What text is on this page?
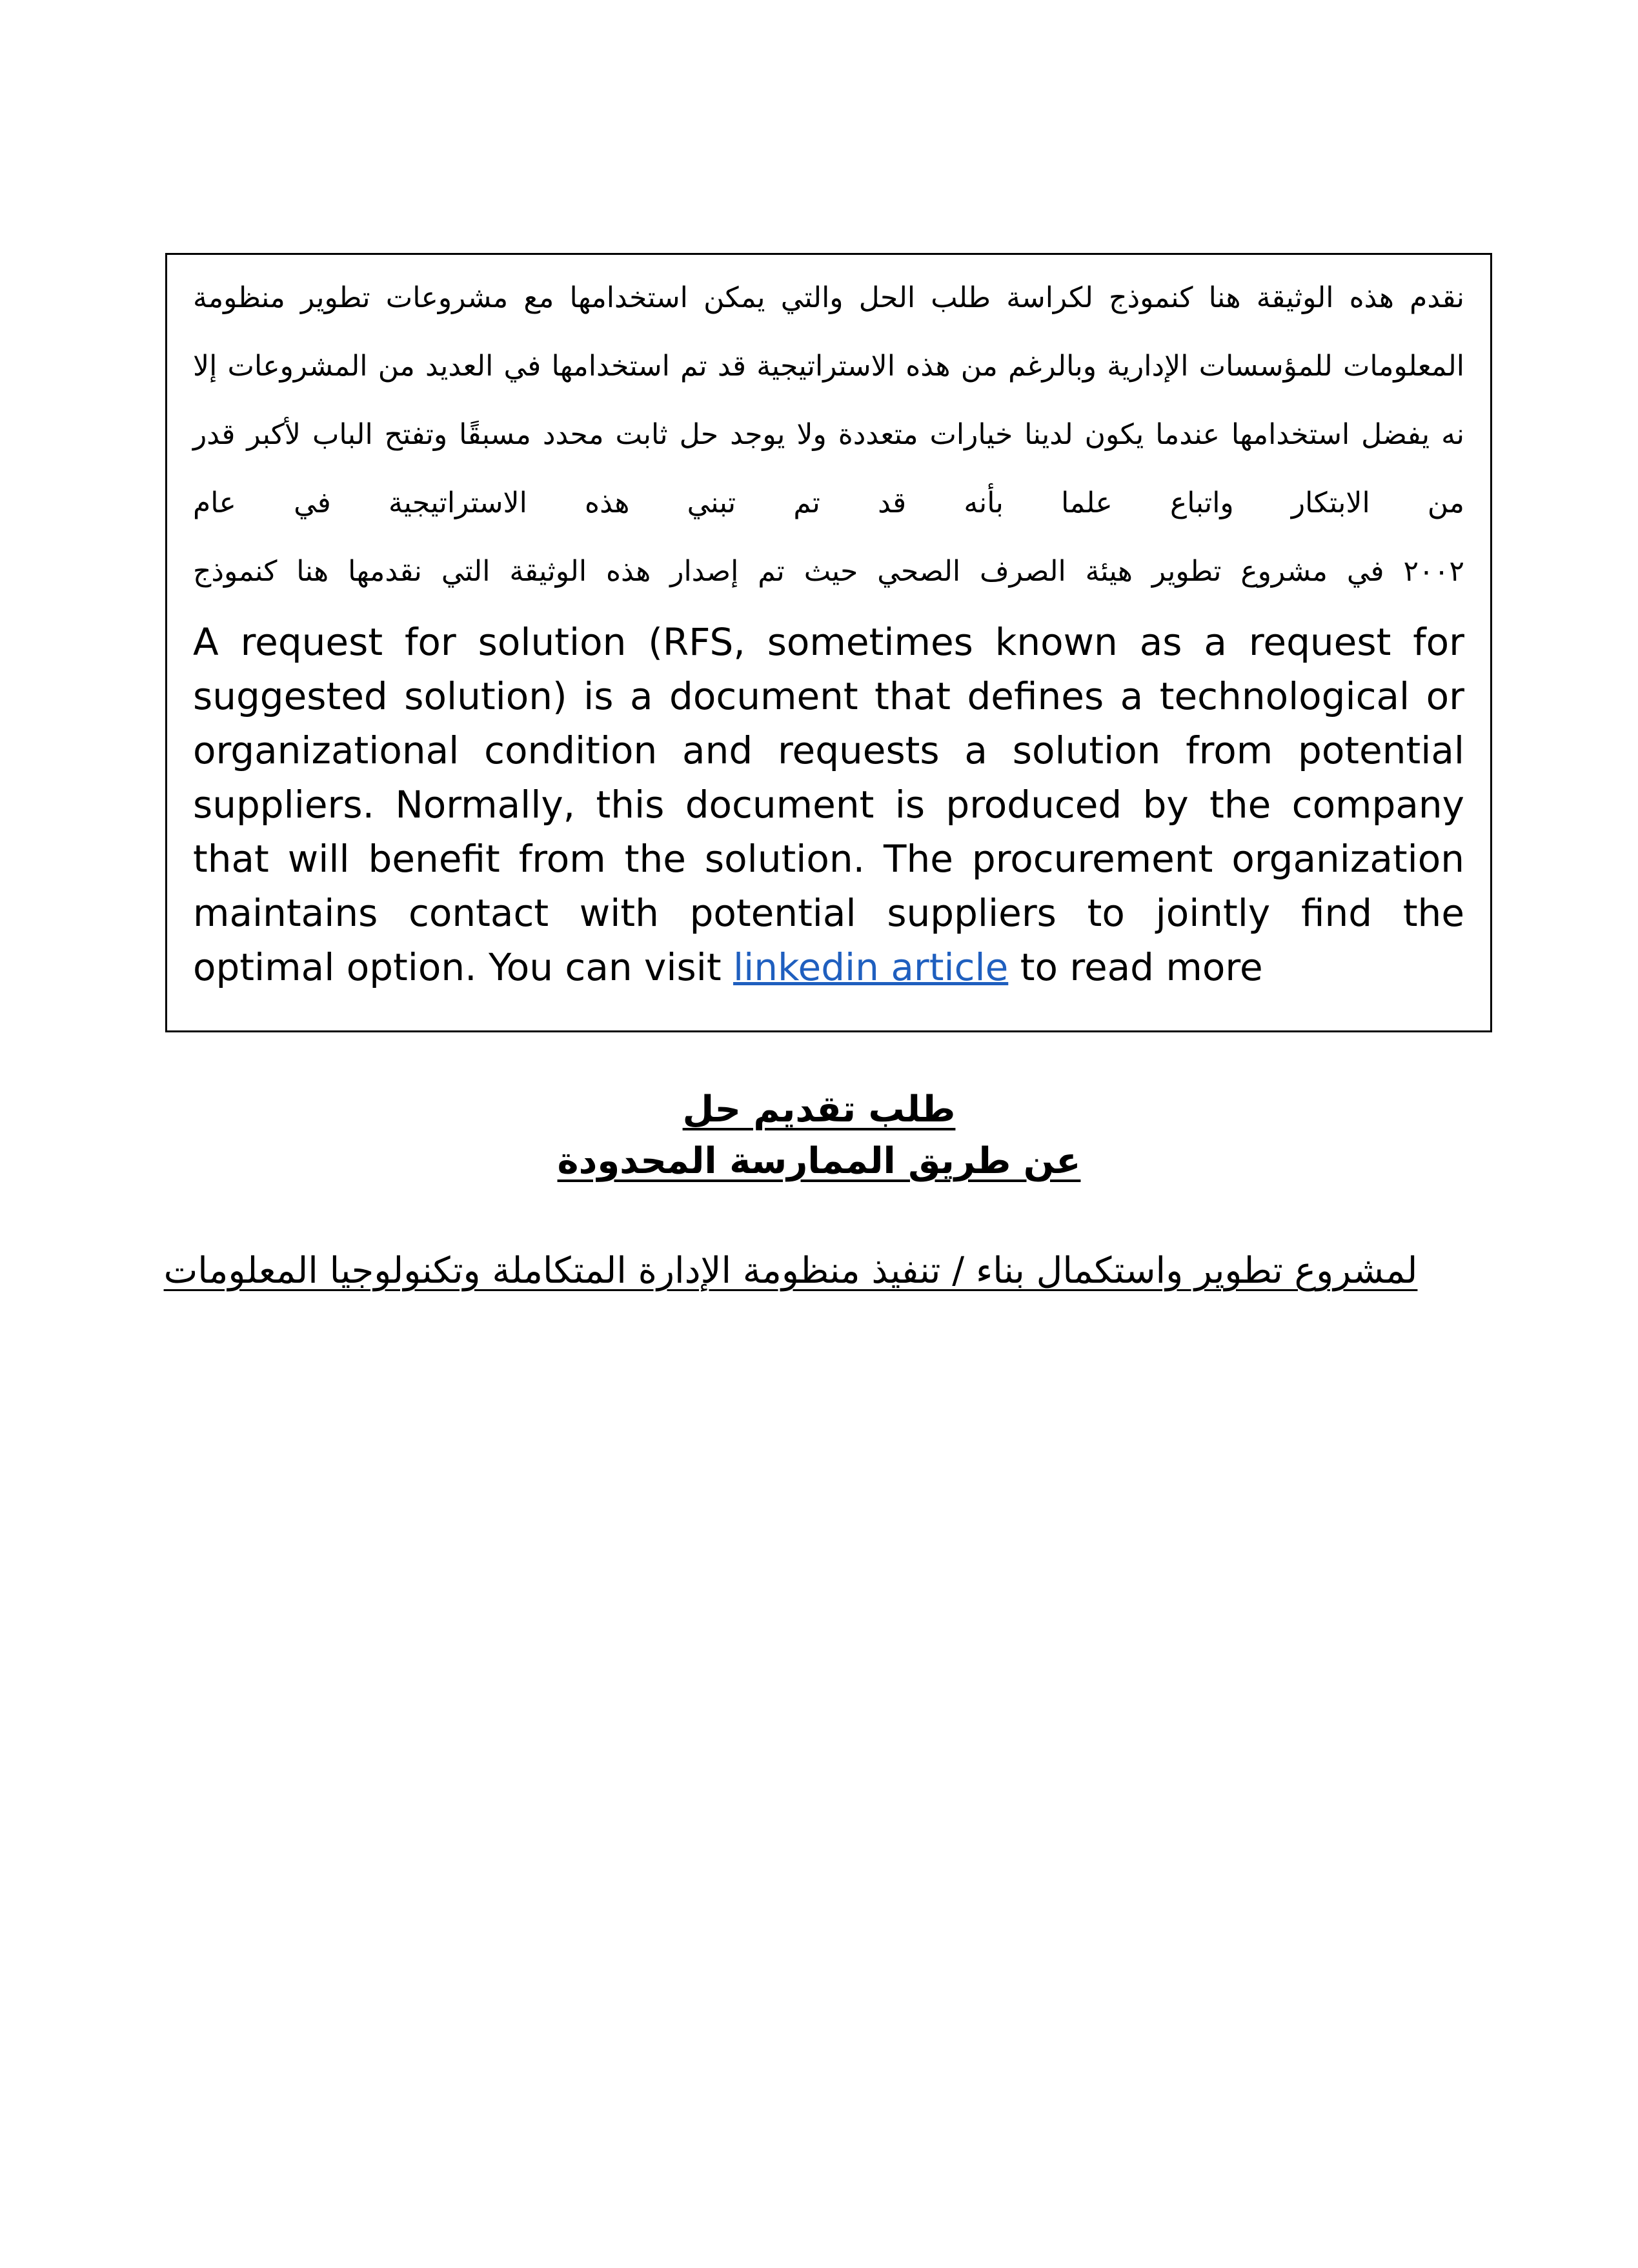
نقدم هذه الوثيقة هنا كنموذج لكراسة طلب الحل والتي يمكن استخدامها مع مشروعات تطوير منظومة المعلومات للمؤسسات الإدارية وبالرغم من هذه الاستراتيجية قد تم استخدامها في العديد من المشروعات إلا نه يفضل استخدامها عندما يكون لدينا خيارات متعددة ولا يوجد حل ثابت محدد مسبقًا وتفتح الباب لأكبر قدر من الابتكار واتباع علما بأنه قد تم تبني هذه الاستراتيجية في عام
٢٠٠٢ في مشروع تطوير هيئة الصرف الصحي حيث تم إصدار هذه الوثيقة التي نقدمها هنا كنموذج

A request for solution (RFS, sometimes known as a request for suggested solution) is a document that defines a technological or organizational condition and requests a solution from potential suppliers. Normally, this document is produced by the company that will benefit from the solution. The procurement organization maintains contact with potential suppliers to jointly find the optimal option. You can visit linkedin article to read more

طلب تقديم حل
عن طريق الممارسة المحدودة
لمشروع تطوير واستكمال بناء / تنفيذ منظومة الإدارة المتكاملة وتكنولوجيا المعلومات
